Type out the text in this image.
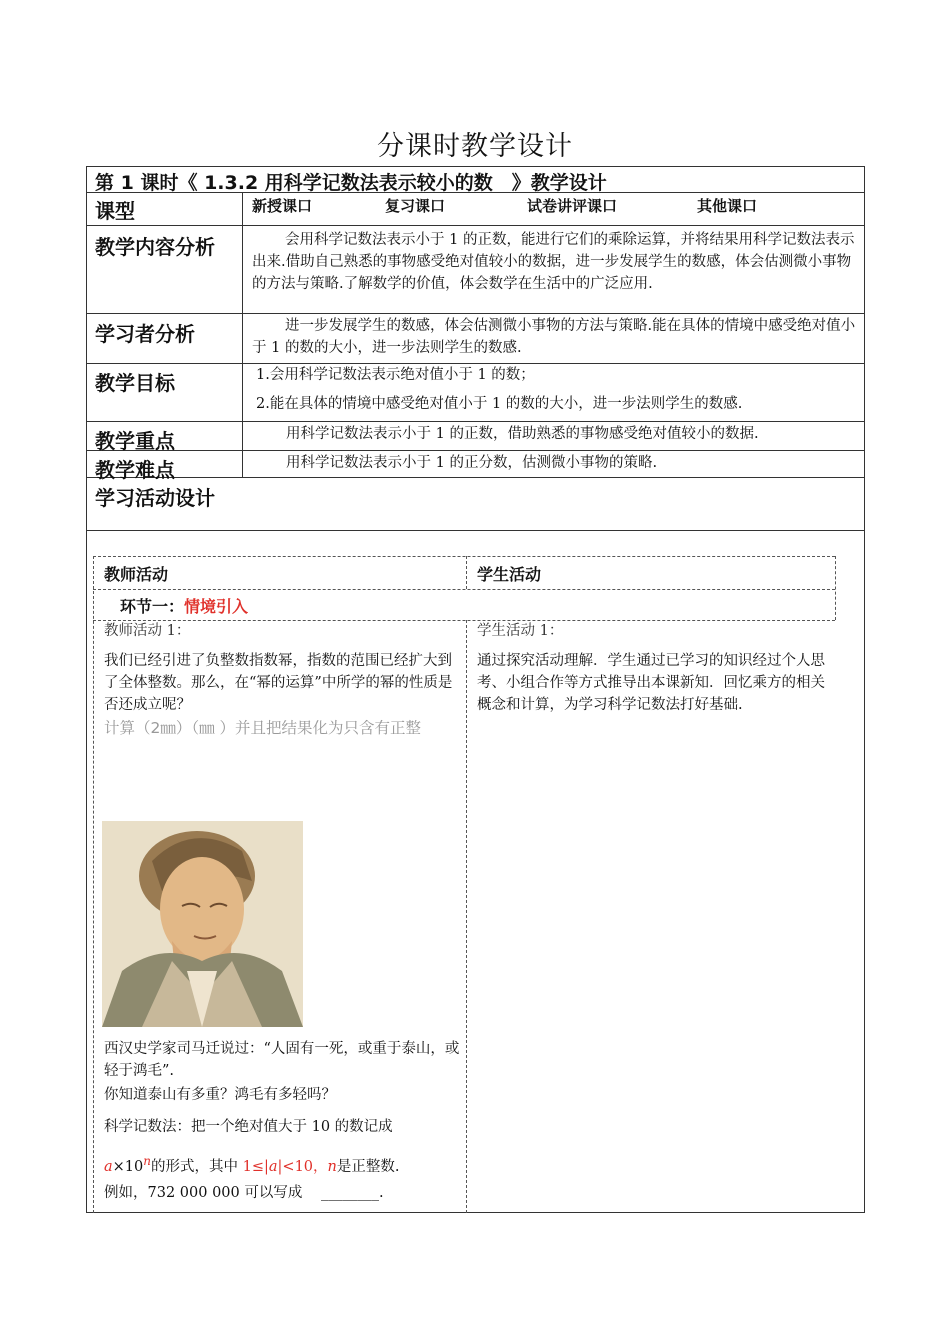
分课时教学设计
第 1 课时《 1.3.2 用科学记数法表示较小的数　》教学设计
课型	新授课口	复习课口	试卷讲评课口	其他课口
教学内容分析	会用科学记数法表示小于 1 的正数，能进行它们的乘除运算，并将结果用科学记数法表示出来.借助自己熟悉的事物感受绝对值较小的数据，进一步发展学生的数感，体会估测微小事物的方法与策略.了解数学的价值，体会数学在生活中的广泛应用.
学习者分析	进一步发展学生的数感，体会估测微小事物的方法与策略.能在具体的情境中感受绝对值小于 1 的数的大小，进一步法则学生的数感.
教学目标	1.会用科学记数法表示绝对值小于 1 的数；
2.能在具体的情境中感受绝对值小于 1 的数的大小，进一步法则学生的数感.
教学重点	用科学记数法表示小于 1 的正数，借助熟悉的事物感受绝对值较小的数据.
教学难点	用科学记数法表示小于 1 的正分数，估测微小事物的策略.
学习活动设计
教师活动	学生活动
环节一：情境引入
教师活动 1：
我们已经引进了负整数指数幂，指数的范围已经扩大到了全体整数。那么，在“幂的运算”中所学的幂的性质是否还成立呢？
计算（2㎜）（㎜ ）并且把结果化为只含有正整
西汉史学家司马迁说过：“人固有一死，或重于泰山，或轻于鸿毛”.
你知道泰山有多重？鸿毛有多轻吗？
科学记数法：把一个绝对值大于 10 的数记成
$a\times 10^n$的形式，其中 1≤|a|<10，n是正整数.
例如，732 000 000 可以写成 ________.
学生活动 1：
通过探究活动理解．学生通过已学习的知识经过个人思考、小组合作等方式推导出本课新知．回忆乘方的相关概念和计算，为学习科学记数法打好基础.
